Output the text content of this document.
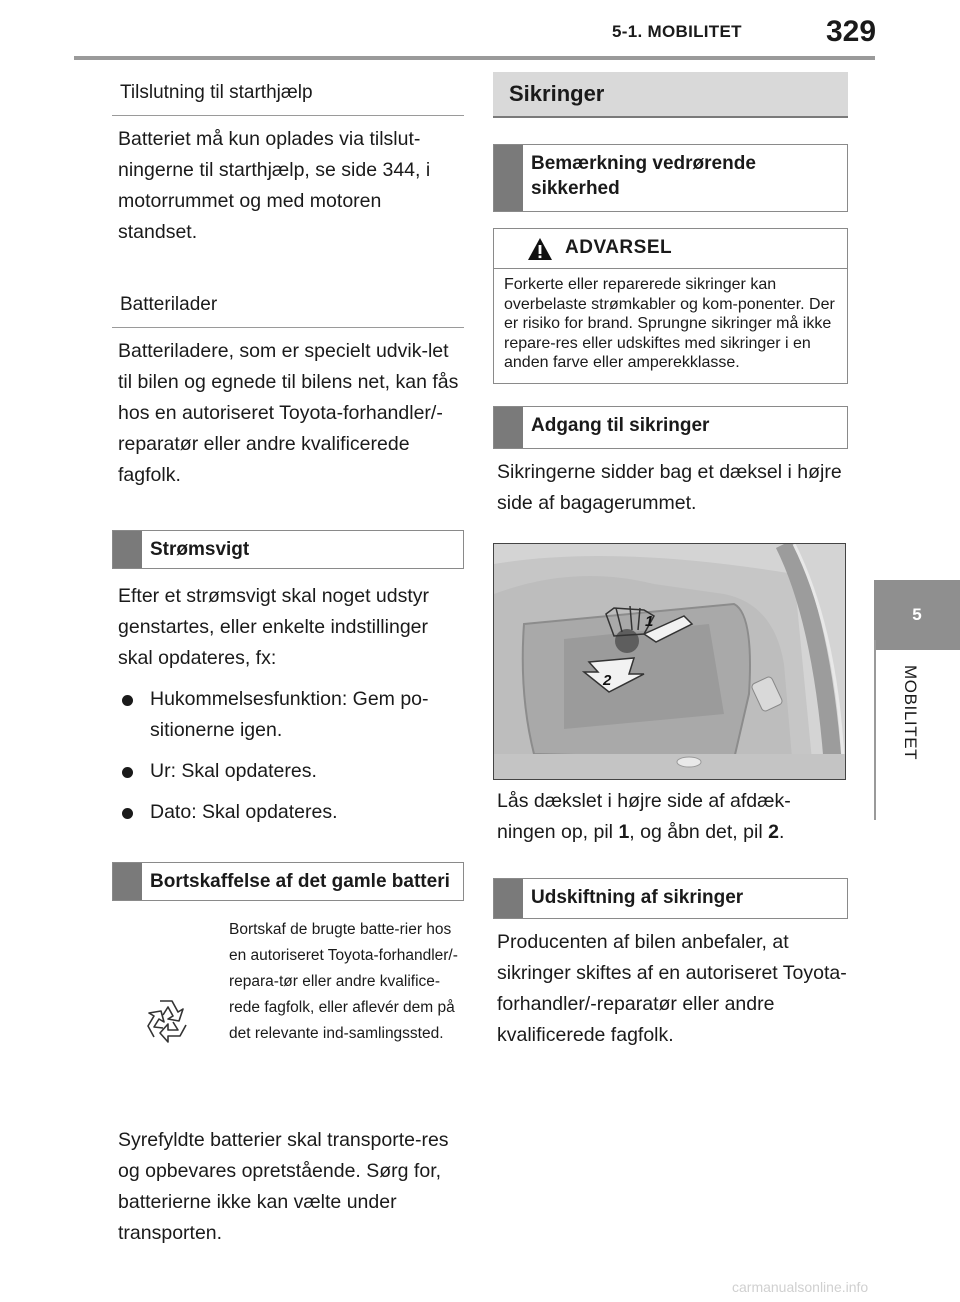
5-1. MOBILITET	329
5
MOBILITET
Tilslutning til starthjælp

Batteriet må kun oplades via tilslut-ningerne til starthjælp, se side 344, i motorrummet og med motoren standset.

Batterilader

Batteriladere, som er specielt udvik-let til bilen og egnede til bilens net, kan fås hos en autoriseret Toyota-forhandler/-reparatør eller andre kvalificerede fagfolk.

Strømsvigt

Efter et strømsvigt skal noget udstyr genstartes, eller enkelte indstillinger skal opdateres, fx:

Hukommelsesfunktion: Gem po-sitionerne igen.
Ur: Skal opdateres.
Dato: Skal opdateres.
Bortskaffelse af det gamle batteri

Bortskaf de brugte batte-rier hos en autoriseret Toyota-forhandler/-repara-tør eller andre kvalifice-rede fagfolk, eller aflevér dem på det relevante ind-samlingssted.

Syrefyldte batterier skal transporte-res og opbevares opretstående. Sørg for, batterierne ikke kan vælte under transporten.

Sikringer
Bemærkning vedrørende sikkerhed
ADVARSEL

Forkerte eller reparerede sikringer kan overbelaste strømkabler og kom-ponenter. Der er risiko for brand. Sprungne sikringer må ikke repare-res eller udskiftes med sikringer i en anden farve eller amperekklasse.

Adgang til sikringer

Sikringerne sidder bag et dæksel i højre side af bagagerummet.

1
2

Lås dækslet i højre side af afdæk-ningen op, pil 1, og åbn det, pil 2.

Udskiftning af sikringer

Producenten af bilen anbefaler, at sikringer skiftes af en autoriseret Toyota-forhandler/-reparatør eller andre kvalificerede fagfolk.

carmanualsonline.info
